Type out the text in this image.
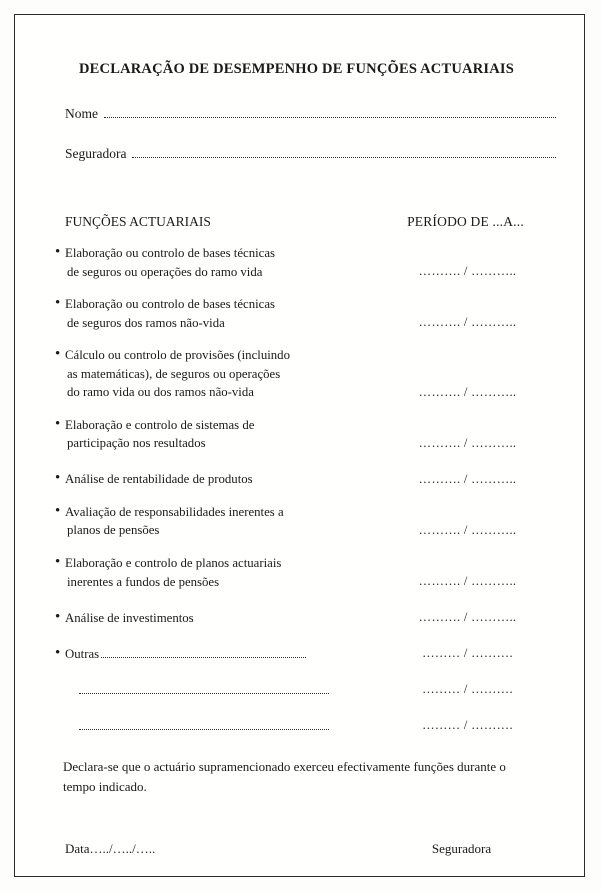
DECLARAÇÃO DE DESEMPENHO DE FUNÇÕES ACTUARIAIS
Nome
Seguradora
FUNÇÕES ACTUARIAIS	PERÍODO DE ...A...
• Elaboração ou controlo de bases técnicas
de seguros ou operações do ramo vida	………. / ………..
• Elaboração ou controlo de bases técnicas
de seguros dos ramos não-vida	………. / ………..
• Cálculo ou controlo de provisões (incluindo
as matemáticas), de seguros ou operações
do ramo vida ou dos ramos não-vida	………. / ………..
• Elaboração e controlo de sistemas de
participação nos resultados	………. / ………..
• Análise de rentabilidade de produtos	………. / ………..
• Avaliação de responsabilidades inerentes a
planos de pensões	………. / ………..
• Elaboração e controlo de planos actuariais
inerentes a fundos de pensões	………. / ………..
• Análise de investimentos	………. / ………..
• Outras	……… / ……….
……… / ……….
……… / ……….
Declara-se que o actuário supramencionado exerceu efectivamente funções durante o tempo indicado.
Data…../…../…..	Seguradora
